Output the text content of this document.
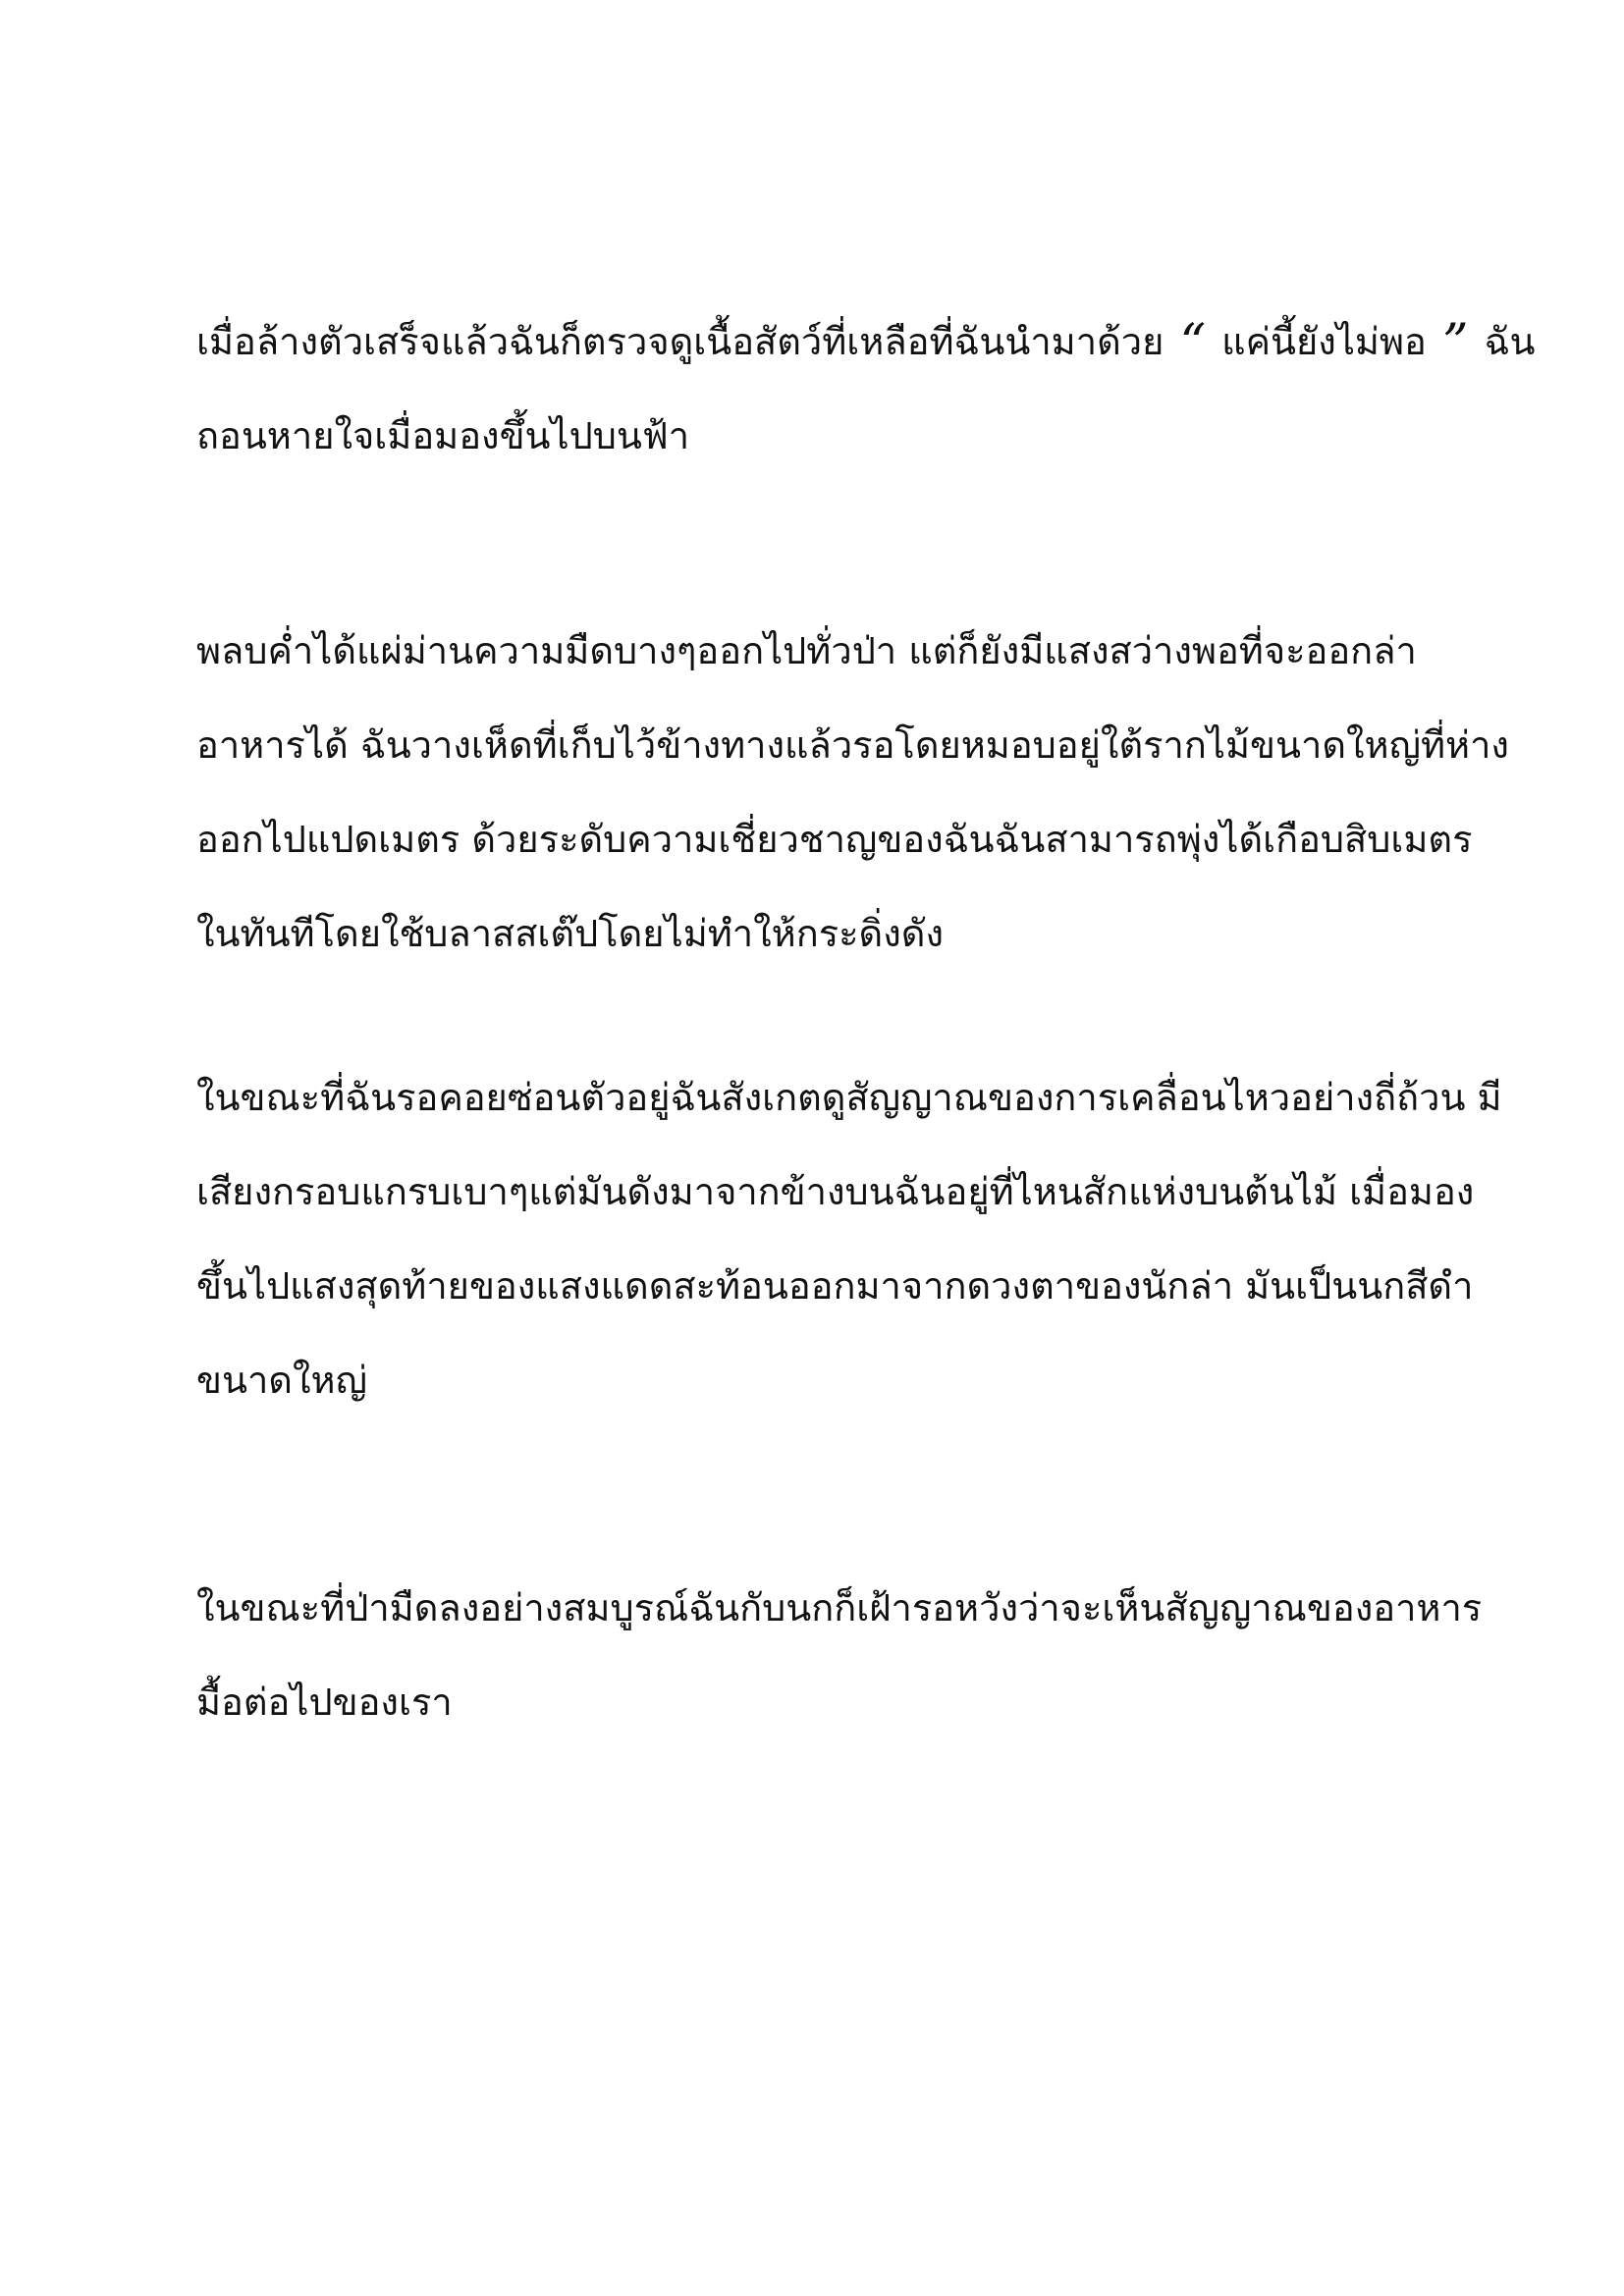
เมื่อล้างตัวเสร็จแล้วฉันก็ตรวจดูเนื้อสัตว์ที่เหลือที่ฉันนำมาด้วย “ แค่นี้ยังไม่พอ ” ฉัน
ถอนหายใจเมื่อมองขึ้นไปบนฟ้า

พลบค่ำได้แผ่ม่านความมืดบางๆออกไปทั่วป่า แต่ก็ยังมีแสงสว่างพอที่จะออกล่า
อาหารได้ ฉันวางเห็ดที่เก็บไว้ข้างทางแล้วรอโดยหมอบอยู่ใต้รากไม้ขนาดใหญ่ที่ห่าง
ออกไปแปดเมตร ด้วยระดับความเชี่ยวชาญของฉันฉันสามารถพุ่งได้เกือบสิบเมตร
ในทันทีโดยใช้บลาสสเต๊ปโดยไม่ทำให้กระดิ่งดัง

ในขณะที่ฉันรอคอยซ่อนตัวอยู่ฉันสังเกตดูสัญญาณของการเคลื่อนไหวอย่างถี่ถ้วน มี
เสียงกรอบแกรบเบาๆแต่มันดังมาจากข้างบนฉันอยู่ที่ไหนสักแห่งบนต้นไม้ เมื่อมอง
ขึ้นไปแสงสุดท้ายของแสงแดดสะท้อนออกมาจากดวงตาของนักล่า มันเป็นนกสีดำ
ขนาดใหญ่

ในขณะที่ป่ามืดลงอย่างสมบูรณ์ฉันกับนกก็เฝ้ารอหวังว่าจะเห็นสัญญาณของอาหาร
มื้อต่อไปของเรา
